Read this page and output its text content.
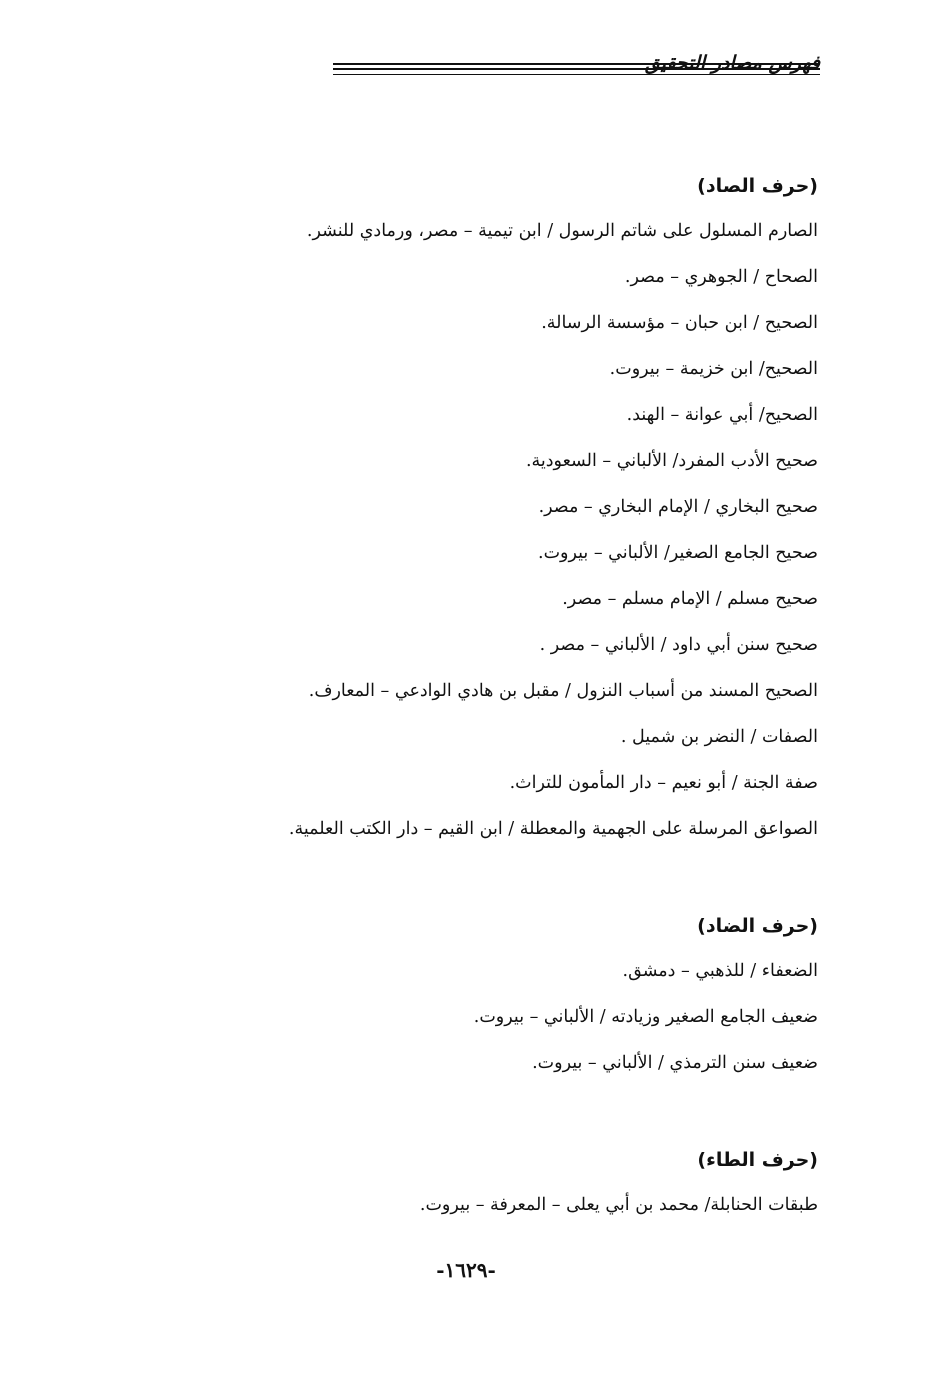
فهرس مصادر التحقيق

(حرف الصاد)

الصارم المسلول على شاتم الرسول / ابن تيمية – مصر، ورمادي للنشر.

الصحاح / الجوهري – مصر.

الصحيح / ابن حبان – مؤسسة الرسالة.

الصحيح/ ابن خزيمة – بيروت.

الصحيح/ أبي عوانة – الهند.

صحيح الأدب المفرد/ الألباني – السعودية.

صحيح البخاري / الإمام البخاري – مصر.

صحيح الجامع الصغير/ الألباني – بيروت.

صحيح مسلم / الإمام مسلم – مصر.

صحيح سنن أبي داود / الألباني – مصر .

الصحيح المسند من أسباب النزول / مقبل بن هادي الوادعي – المعارف.

الصفات / النضر بن شميل .

صفة الجنة / أبو نعيم – دار المأمون للتراث.

الصواعق المرسلة على الجهمية والمعطلة / ابن القيم – دار الكتب العلمية.

(حرف الضاد)

الضعفاء / للذهبي – دمشق.

ضعيف الجامع الصغير وزيادته / الألباني – بيروت.

ضعيف سنن الترمذي / الألباني – بيروت.

(حرف الطاء)

طبقات الحنابلة/ محمد بن أبي يعلى – المعرفة – بيروت.

-١٦٢٩-
